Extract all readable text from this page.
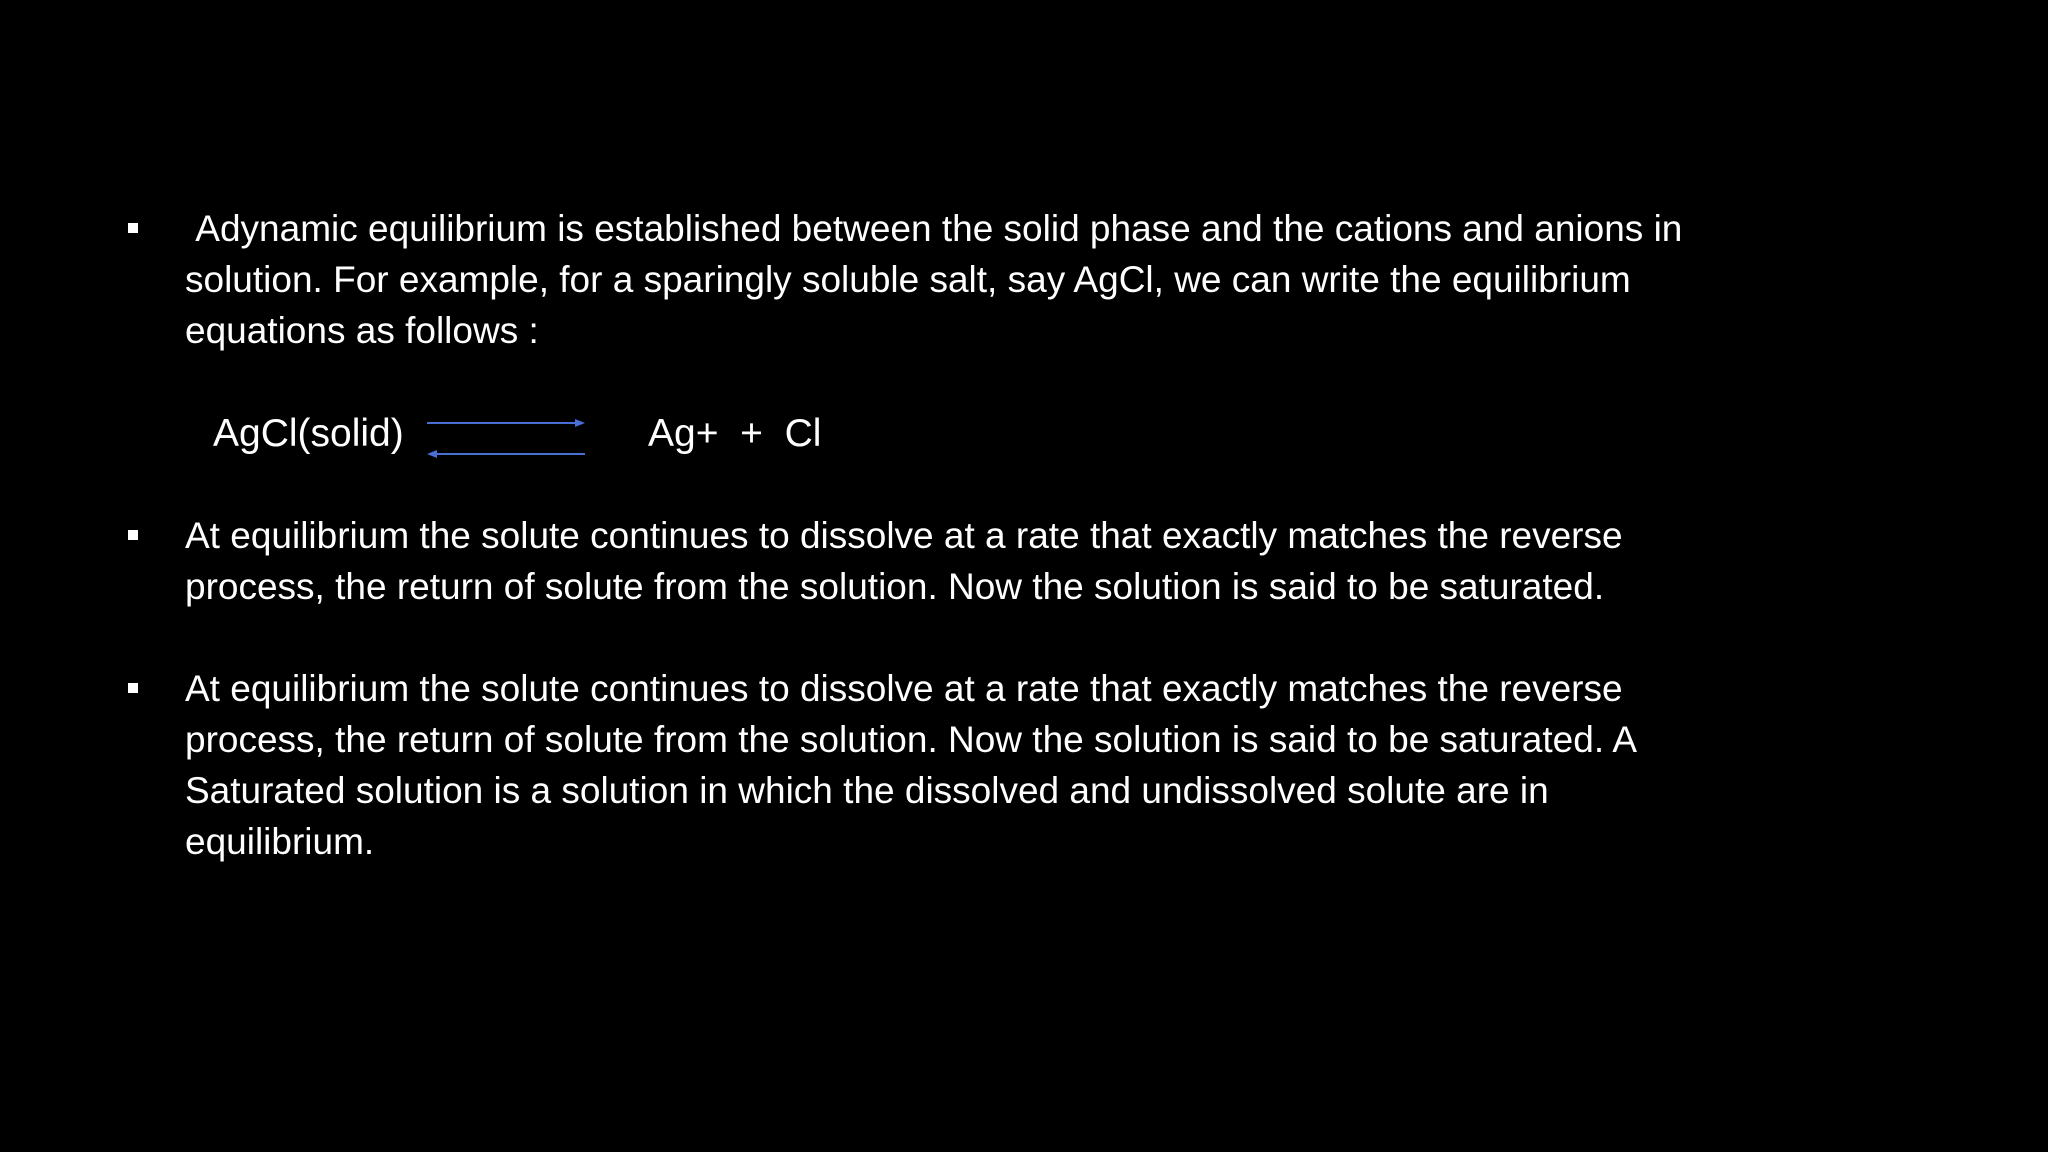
Adynamic equilibrium is established between the solid phase and the cations and anions in
solution. For example, for a sparingly soluble salt, say AgCl, we can write the equilibrium
equations as follows :
AgCl(solid)	Ag+  +  Cl
At equilibrium the solute continues to dissolve at a rate that exactly matches the reverse
process, the return of solute from the solution. Now the solution is said to be saturated.
At equilibrium the solute continues to dissolve at a rate that exactly matches the reverse
process, the return of solute from the solution. Now the solution is said to be saturated. A
Saturated solution is a solution in which the dissolved and undissolved solute are in
equilibrium.
